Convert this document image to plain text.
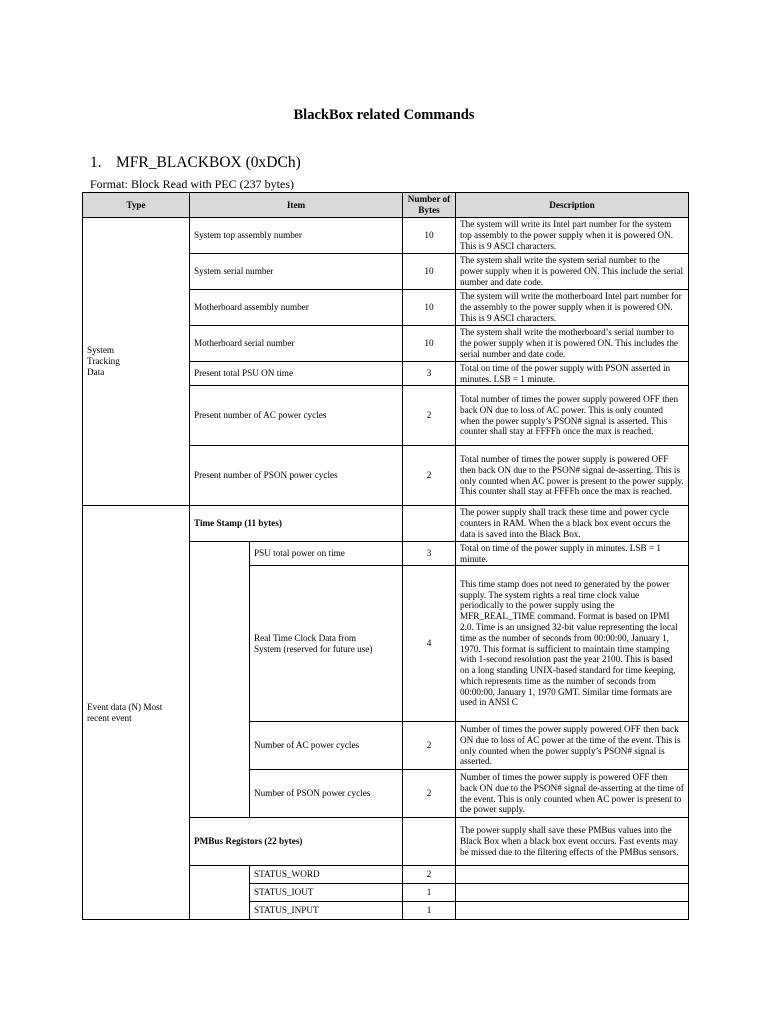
BlackBox related Commands
1. MFR_BLACKBOX (0xDCh)
Format: Block Read with PEC (237 bytes)
Type	Item		Number of Bytes	Description

System Tracking Data	System top assembly number		10	The system will write its Intel part number for the system top assembly to the power supply when it is powered ON. This is 9 ASCI characters.
	System serial number		10	The system shall write the system serial number to the power supply when it is powered ON. This include the serial number and date code.
	Motherboard assembly number		10	The system will write the motherboard Intel part number for the assembly to the power supply when it is powered ON. This is 9 ASCI characters.
	Motherboard serial number		10	The system shall write the motherboard’s serial number to the power supply when it is powered ON. This includes the serial number and date code.
	Present total PSU ON time		3	Total on time of the power supply with PSON asserted in minutes. LSB = 1 minute.
	Present number of AC power cycles		2	Total number of times the power supply powered OFF then back ON due to loss of AC power. This is only counted when the power supply’s PSON# signal is asserted. This counter shall stay at FFFFh once the max is reached.
	Present number of PSON power cycles		2	Total number of times the power supply is powered OFF then back ON due to the PSON# signal de-asserting. This is only counted when AC power is present to the power supply. This counter shall stay at FFFFh once the max is reached.

Event data (N) Most recent event	Time Stamp (11 bytes)			The power supply shall track these time and power cycle counters in RAM. When the a black box event occurs the data is saved into the Black Box.
		PSU total power on time	3	Total on time of the power supply in minutes. LSB = 1 minute.

		Real Time Clock Data from System (reserved for future use)	4	This time stamp does not need to generated by the power supply. The system rights a real time clock value periodically to the power supply using the MFR_REAL_TIME command. Format is based on IPMI 2.0. Time is an unsigned 32-bit value representing the local time as the number of seconds from 00:00:00, January 1, 1970. This format is sufficient to maintain time stamping with 1-second resolution past the year 2100. This is based on a long standing UNIX-based standard for time keeping, which represents time as the number of seconds from 00:00:00, January 1, 1970 GMT. Similar time formats are used in ANSI C
		Number of AC power cycles	2	Number of times the power supply powered OFF then back ON due to loss of AC power at the time of the event. This is only counted when the power supply’s PSON# signal is asserted.
		Number of PSON power cycles	2	Number of times the power supply is powered OFF then back ON due to the PSON# signal de-asserting at the time of the event. This is only counted when AC power is present to the power supply.
	PMBus Registors (22 bytes)			The power supply shall save these PMBus values into the Black Box when a black box event occurs. Fast events may be missed due to the filtering effects of the PMBus sensors.
		STATUS_WORD	2	
		STATUS_IOUT	1	
		STATUS_INPUT	1	
